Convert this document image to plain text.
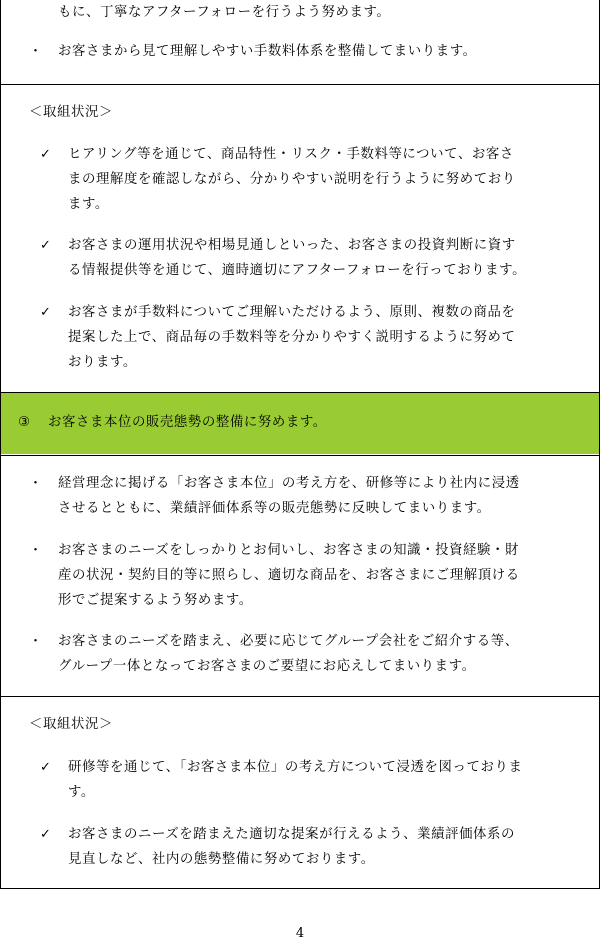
もに、丁寧なアフターフォローを行うよう努めます。
・ お客さまから見て理解しやすい手数料体系を整備してまいります。
＜取組状況＞
✓ ヒアリング等を通じて、商品特性・リスク・手数料等について、お客さ
まの理解度を確認しながら、分かりやすい説明を行うように努めており
ます。
✓ お客さまの運用状況や相場見通しといった、お客さまの投資判断に資す
る情報提供等を通じて、適時適切にアフターフォローを行っております。
✓ お客さまが手数料についてご理解いただけるよう、原則、複数の商品を
提案した上で、商品毎の手数料等を分かりやすく説明するように努めて
おります。
③ お客さま本位の販売態勢の整備に努めます。
・ 経営理念に掲げる「お客さま本位」の考え方を、研修等により社内に浸透
させるとともに、業績評価体系等の販売態勢に反映してまいります。
・ お客さまのニーズをしっかりとお伺いし、お客さまの知識・投資経験・財
産の状況・契約目的等に照らし、適切な商品を、お客さまにご理解頂ける
形でご提案するよう努めます。
・ お客さまのニーズを踏まえ、必要に応じてグループ会社をご紹介する等、
グループ一体となってお客さまのご要望にお応えしてまいります。
＜取組状況＞
✓ 研修等を通じて、「お客さま本位」の考え方について浸透を図っておりま
す。
✓ お客さまのニーズを踏まえた適切な提案が行えるよう、業績評価体系の
見直しなど、社内の態勢整備に努めております。
4
